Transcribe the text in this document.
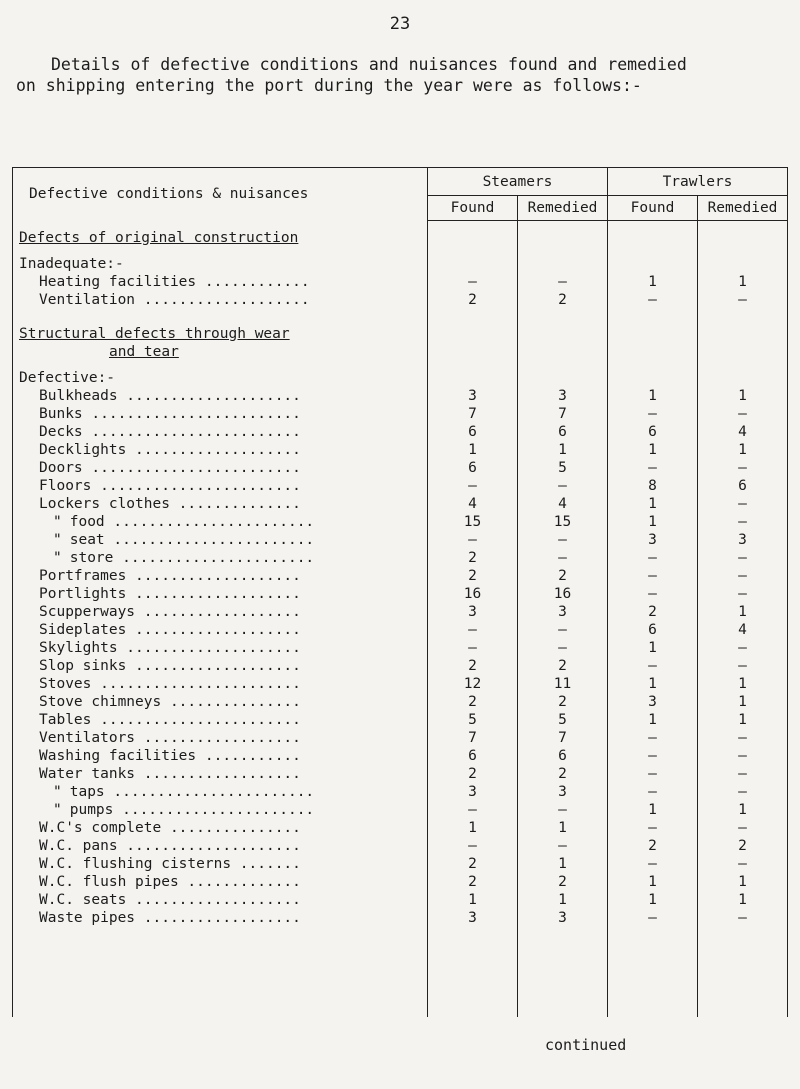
23
Details of defective conditions and nuisances found and remedied
on shipping entering the port during the year were as follows:-
Defective conditions & nuisances	Steamers		Trawlers	
	Found	Remedied	Found	Remedied

Defects of original construction				

Inadequate:-				
Heating facilities ............	–	–	1	1
Ventilation ...................	2	2	–	–

Structural defects through wear				
and tear				

Defective:-				
Bulkheads ....................	3	3	1	1
Bunks ........................	7	7	–	–
Decks ........................	6	6	6	4
Decklights ...................	1	1	1	1
Doors ........................	6	5	–	–
Floors .......................	–	–	8	6
Lockers clothes ..............	4	4	1	–
" food .......................	15	15	1	–
" seat .......................	–	–	3	3
" store ......................	2	–	–	–
Portframes ...................	2	2	–	–
Portlights ...................	16	16	–	–
Scupperways ..................	3	3	2	1
Sideplates ...................	–	–	6	4
Skylights ....................	–	–	1	–
Slop sinks ...................	2	2	–	–
Stoves .......................	12	11	1	1
Stove chimneys ...............	2	2	3	1
Tables .......................	5	5	1	1
Ventilators ..................	7	7	–	–
Washing facilities ...........	6	6	–	–
Water tanks ..................	2	2	–	–
" taps .......................	3	3	–	–
" pumps ......................	–	–	1	1
W.C's complete ...............	1	1	–	–
W.C. pans ....................	–	–	2	2
W.C. flushing cisterns .......	2	1	–	–
W.C. flush pipes .............	2	2	1	1
W.C. seats ...................	1	1	1	1
Waste pipes ..................	3	3	–	–

continued
